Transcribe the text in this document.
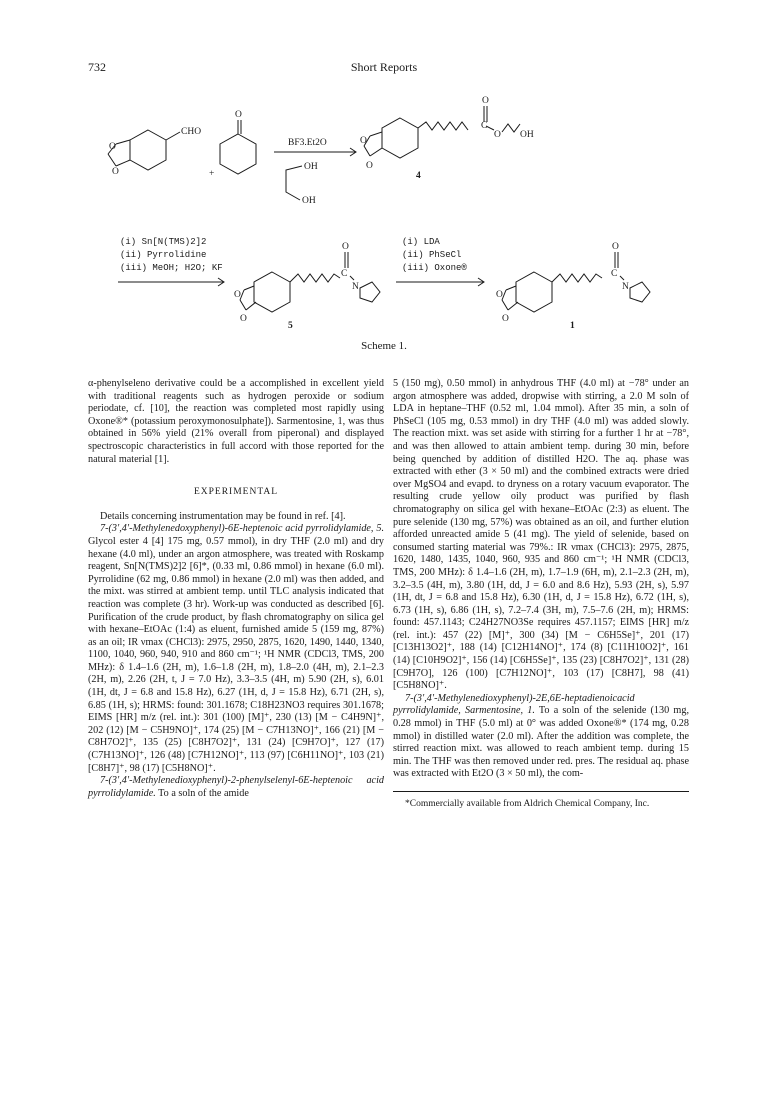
732	Short Reports
CHO
O
O	+
O
OH
OH
BF3.Et2O
O
C
O OH
O
O
4
(i) Sn[N(TMS)2]2
(ii) Pyrrolidine
(iii) MeOH; H2O; KF
O
C
N
O
O
5
(i) LDA
(ii) PhSeCl
(iii) Oxone®
O
C
N
O
O
1
Scheme 1.

α-phenylseleno derivative could be a accomplished in excellent yield with traditional reagents such as hydrogen peroxide or sodium periodate, cf. [10], the reaction was completed most rapidly using Oxone®* (potassium peroxymonosulphate]). Sarmentosine, 1, was thus obtained in 56% yield (21% overall from piperonal) and displayed spectroscopic characteristics in full accord with those reported for the natural material [1].

EXPERIMENTAL

Details concerning instrumentation may be found in ref. [4].

7-(3′,4′-Methylenedoxyphenyl)-6E-heptenoic acid pyrrolidylamide, 5. Glycol ester 4 [4] 175 mg, 0.57 mmol), in dry THF (2.0 ml) and dry hexane (4.0 ml), under an argon atmosphere, was treated with Roskamp reagent, Sn[N(TMS)2]2 [6]*, (0.33 ml, 0.86 mmol) in hexane (6.0 ml). Pyrrolidine (62 mg, 0.86 mmol) in hexane (2.0 ml) was then added, and the mixt. was stirred at ambient temp. until TLC analysis indicated that reaction was complete (3 hr). Work-up was conducted as described [6]. Purification of the crude product, by flash chromatography on silica gel with hexane–EtOAc (1:4) as eluent, furnished amide 5 (159 mg, 87%) as an oil; IR νmax (CHCl3): 2975, 2950, 2875, 1620, 1490, 1440, 1340, 1100, 1040, 960, 940, 910 and 860 cm⁻¹; ¹H NMR (CDCl3, TMS, 200 MHz): δ 1.4–1.6 (2H, m), 1.6–1.8 (2H, m), 1.8–2.0 (4H, m), 2.1–2.3 (2H, m), 2.26 (2H, t, J = 7.0 Hz), 3.3–3.5 (4H, m) 5.90 (2H, s), 6.01 (1H, dt, J = 6.8 and 15.8 Hz), 6.27 (1H, d, J = 15.8 Hz), 6.71 (2H, s), 6.85 (1H, s); HRMS: found: 301.1678; C18H23NO3 requires 301.1678; EIMS [HR] m/z (rel. int.): 301 (100) [M]⁺, 230 (13) [M − C4H9N]⁺, 202 (12) [M − C5H9NO]⁺, 174 (25) [M − C7H13NO]⁺, 166 (21) [M − C8H7O2]⁺, 135 (25) [C8H7O2]⁺, 131 (24) [C9H7O]⁺, 127 (17) (C7H13NO]⁺, 126 (48) [C7H12NO]⁺, 113 (97) [C6H11NO]⁺, 103 (21) [C8H7]⁺, 98 (17) [C5H8NO]⁺.

7-(3′,4′-Methylenedioxyphenyl)-2-phenylselenyl-6E-heptenoic acid pyrrolidylamide. To a soln of the amide

5 (150 mg), 0.50 mmol) in anhydrous THF (4.0 ml) at −78° under an argon atmosphere was added, dropwise with stirring, a 2.0 M soln of LDA in heptane–THF (0.52 ml, 1.04 mmol). After 35 min, a soln of PhSeCl (105 mg, 0.53 mmol) in dry THF (4.0 ml) was added slowly. The reaction mixt. was set aside with stirring for a further 1 hr at −78°, and was then allowed to attain ambient temp. during 30 min, before being quenched by addition of distilled H2O. The aq. phase was extracted with ether (3 × 50 ml) and the combined extracts were dried over MgSO4 and evapd. to dryness on a rotary vacuum evaporator. The resulting crude yellow oily product was purified by flash chromatography on silica gel with hexane–EtOAc (2:3) as eluent. The pure selenide (130 mg, 57%) was obtained as an oil, and further elution afforded unreacted amide 5 (41 mg). The yield of selenide, based on consumed starting material was 79%.: IR νmax (CHCl3): 2975, 2875, 1620, 1480, 1435, 1040, 960, 935 and 860 cm⁻¹; ¹H NMR (CDCl3, TMS, 200 MHz): δ 1.4–1.6 (2H, m), 1.7–1.9 (6H, m), 2.1–2.3 (2H, m), 3.2–3.5 (4H, m), 3.80 (1H, dd, J = 6.0 and 8.6 Hz), 5.93 (2H, s), 5.97 (1H, dt, J = 6.8 and 15.8 Hz), 6.30 (1H, d, J = 15.8 Hz), 6.72 (1H, s), 6.73 (1H, s), 6.86 (1H, s), 7.2–7.4 (3H, m), 7.5–7.6 (2H, m); HRMS: found: 457.1143; C24H27NO3Se requires 457.1157; EIMS [HR] m/z (rel. int.): 457 (22) [M]⁺, 300 (34) [M − C6H5Se]⁺, 201 (17) [C13H13O2]⁺, 188 (14) [C12H14NO]⁺, 174 (8) [C11H10O2]⁺, 161 (14) [C10H9O2]⁺, 156 (14) [C6H5Se]⁺, 135 (23) [C8H7O2]⁺, 131 (28) [C9H7O], 126 (100) [C7H12NO]⁺, 103 (17) [C8H7], 98 (41) [C5H8NO]⁺.

7-(3′,4′-Methylenedioxyphenyl)-2E,6E-heptadienoicacid pyrrolidylamide, Sarmentosine, 1. To a soln of the selenide (130 mg, 0.28 mmol) in THF (5.0 ml) at 0° was added Oxone®* (174 mg, 0.28 mmol) in distilled water (2.0 ml). After the addition was complete, the stirred reaction mixt. was allowed to reach ambient temp. during 15 min. The THF was then removed under red. pres. The residual aq. phase was extracted with Et2O (3 × 50 ml), the com-

*Commercially available from Aldrich Chemical Company, Inc.
